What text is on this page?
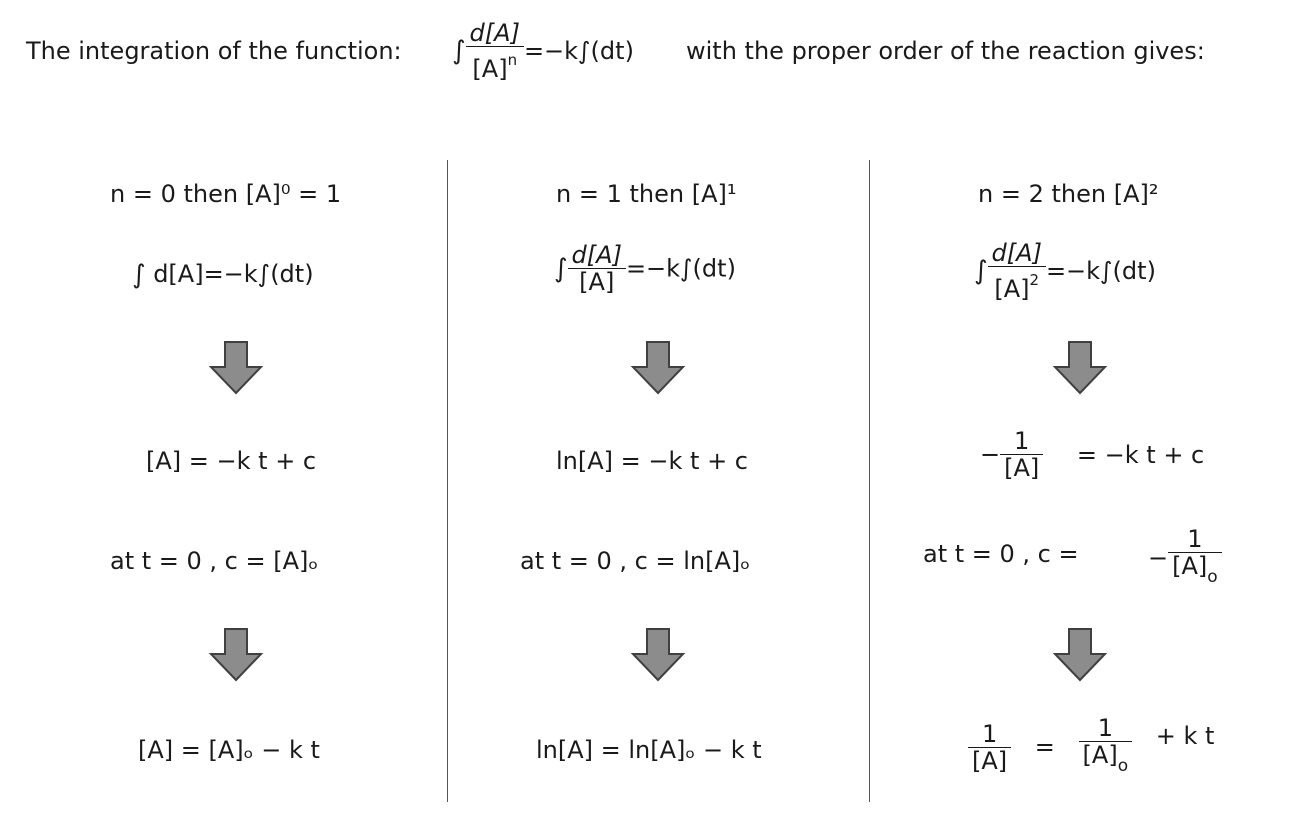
The integration of the function: ∫ $\frac{d[A]}{[A]^n} =-k\int(dt)$ with the proper order of the reaction gives:
n = 0 then [A]⁰ = 1
∫ d[A]=−k∫(dt)
[A] = −k t + c
at t = 0 , c = [A]ₒ
[A] = [A]ₒ − k t
n = 1 then [A]¹
∫ $\frac{d[A]}{[A]} =-k\int(dt)$
ln[A] = −k t + c
at t = 0 , c = ln[A]ₒ
ln[A] = ln[A]ₒ − k t
n = 2 then [A]²
∫ $\frac{d[A]}{[A]^2} =-k\int(dt)$
− $\frac{1}{[A]} = -k$ t + c
at t = 0 , c =	− $\frac{1}{[A]_o}$
$\frac{1}{[A]} = \frac{1}{[A]_o} + k$ t
